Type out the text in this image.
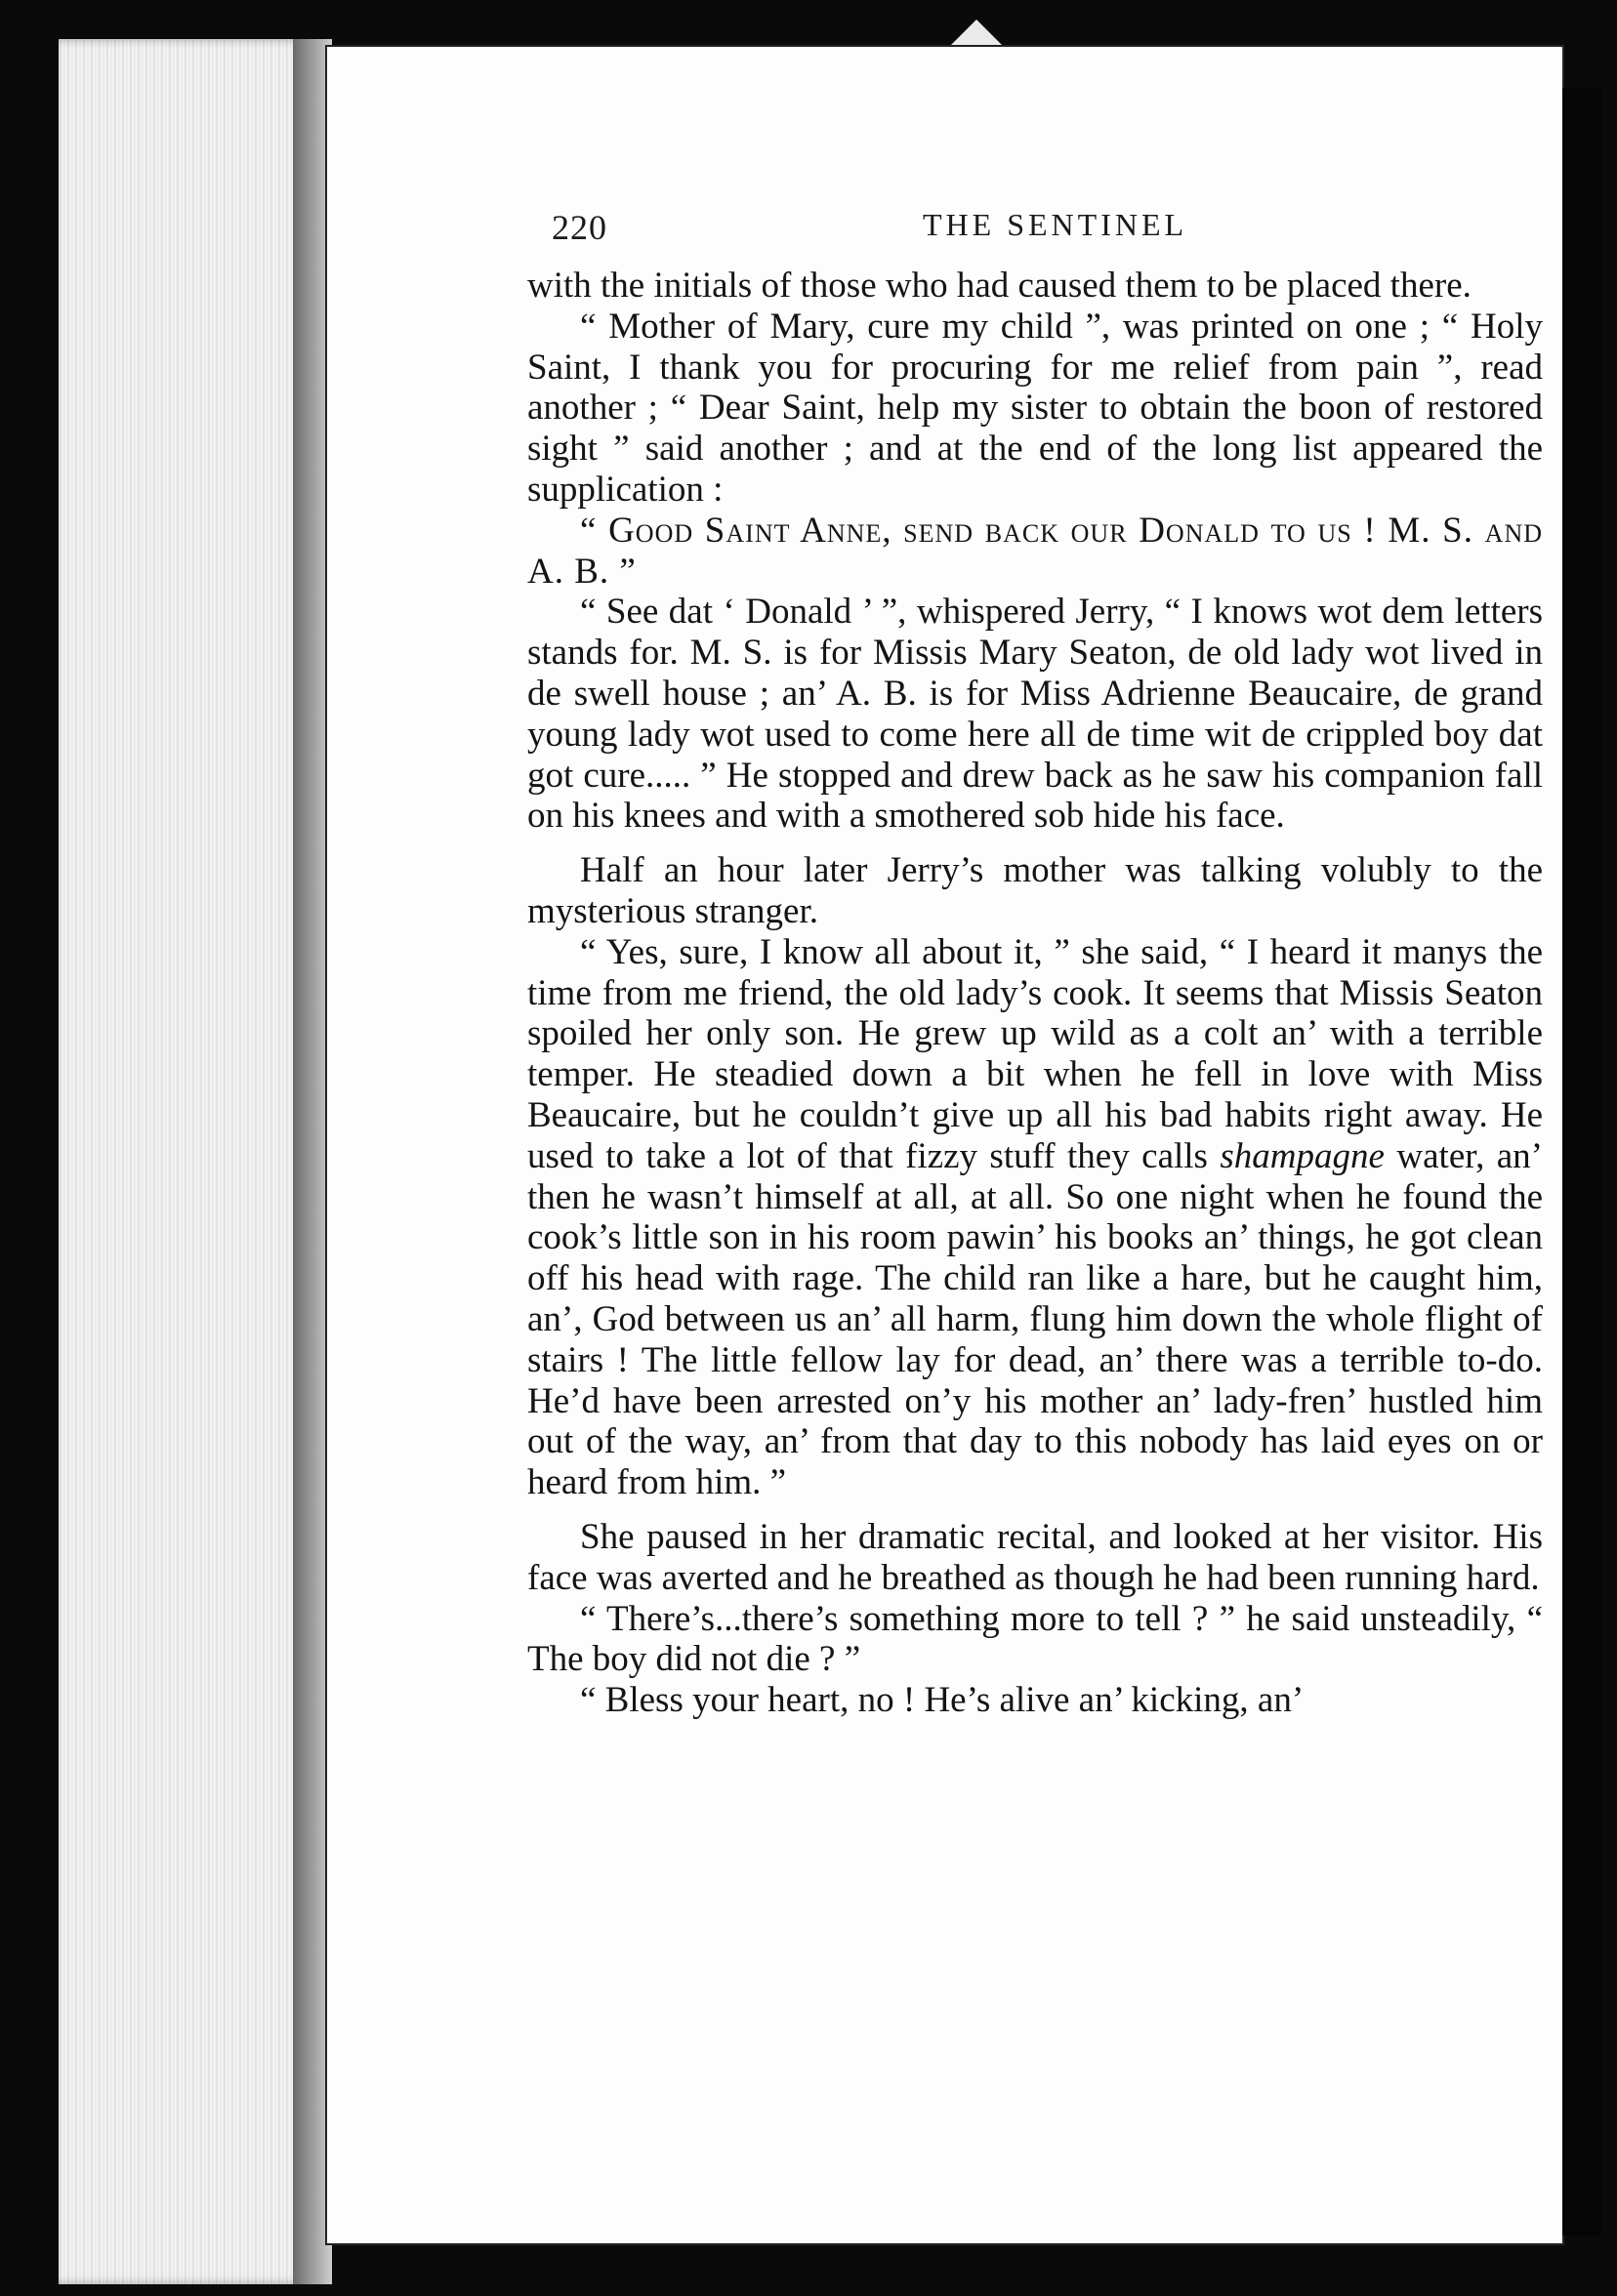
220	THE SENTINEL

with the initials of those who had caused them to be placed there.

“ Mother of Mary, cure my child ”, was printed on one ; “ Holy Saint, I thank you for procuring for me relief from pain ”, read another ; “ Dear Saint, help my sister to obtain the boon of restored sight ” said another ; and at the end of the long list appeared the supplication :

“ Good Saint Anne, send back our Donald to us ! M. S. and A. B. ”

“ See dat ‘ Donald ’ ”, whispered Jerry, “ I knows wot dem letters stands for. M. S. is for Missis Mary Seaton, de old lady wot lived in de swell house ; an’ A. B. is for Miss Adrienne Beaucaire, de grand young lady wot used to come here all de time wit de crippled boy dat got cure..... ” He stopped and drew back as he saw his companion fall on his knees and with a smothered sob hide his face.

Half an hour later Jerry’s mother was talking volubly to the mysterious stranger.

“ Yes, sure, I know all about it, ” she said, “ I heard it manys the time from me friend, the old lady’s cook. It seems that Missis Seaton spoiled her only son. He grew up wild as a colt an’ with a terrible temper. He steadied down a bit when he fell in love with Miss Beaucaire, but he couldn’t give up all his bad habits right away. He used to take a lot of that fizzy stuff they calls shampagne water, an’ then he wasn’t himself at all, at all. So one night when he found the cook’s little son in his room pawin’ his books an’ things, he got clean off his head with rage. The child ran like a hare, but he caught him, an’, God between us an’ all harm, flung him down the whole flight of stairs ! The little fellow lay for dead, an’ there was a terrible to-do. He’d have been arrested on’y his mother an’ lady-fren’ hustled him out of the way, an’ from that day to this nobody has laid eyes on or heard from him. ”

She paused in her dramatic recital, and looked at her visitor. His face was averted and he breathed as though he had been running hard.

“ There’s...there’s something more to tell ? ” he said unsteadily, “ The boy did not die ? ”

“ Bless your heart, no ! He’s alive an’ kicking, an’
